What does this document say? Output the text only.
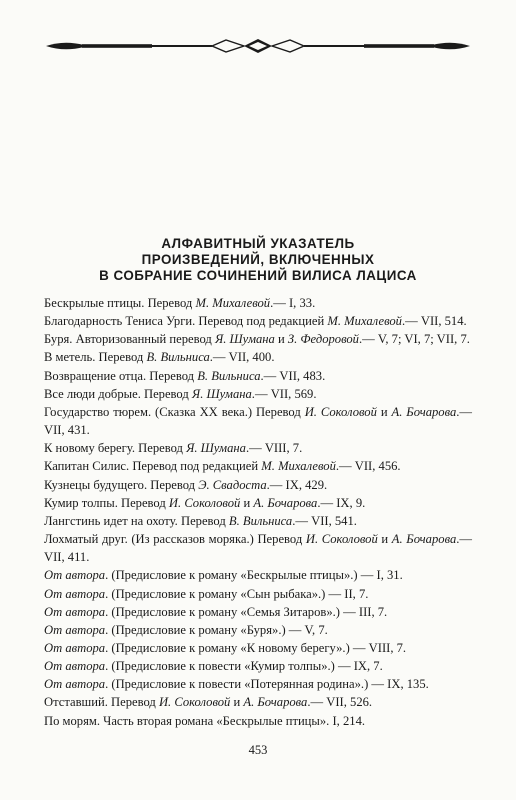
АЛФАВИТНЫЙ УКАЗАТЕЛЬ
ПРОИЗВЕДЕНИЙ, ВКЛЮЧЕННЫХ
В СОБРАНИЕ СОЧИНЕНИЙ ВИЛИСА ЛАЦИСА
Бескрылые птицы. Перевод М. Михалевой.— I, 33.
Благодарность Тениса Урги. Перевод под редакцией М. Михалевой.— VII, 514.
Буря. Авторизованный перевод Я. Шумана и З. Федоровой.— V, 7; VI, 7; VII, 7.
В метель. Перевод В. Вильниса.— VII, 400.
Возвращение отца. Перевод В. Вильниса.— VII, 483.
Все люди добрые. Перевод Я. Шумана.— VII, 569.
Государство тюрем. (Сказка XX века.) Перевод И. Соколовой и А. Бочарова.— VII, 431.
К новому берегу. Перевод Я. Шумана.— VIII, 7.
Капитан Силис. Перевод под редакцией М. Михалевой.— VII, 456.
Кузнецы будущего. Перевод Э. Свадоста.— IX, 429.
Кумир толпы. Перевод И. Соколовой и А. Бочарова.— IX, 9.
Лангстинь идет на охоту. Перевод В. Вильниса.— VII, 541.
Лохматый друг. (Из рассказов моряка.) Перевод И. Соколовой и А. Бочарова.— VII, 411.
От автора. (Предисловие к роману «Бескрылые птицы».) — I, 31.
От автора. (Предисловие к роману «Сын рыбака».) — II, 7.
От автора. (Предисловие к роману «Семья Зитаров».) — III, 7.
От автора. (Предисловие к роману «Буря».) — V, 7.
От автора. (Предисловие к роману «К новому берегу».) — VIII, 7.
От автора. (Предисловие к повести «Кумир толпы».) — IX, 7.
От автора. (Предисловие к повести «Потерянная родина».) — IX, 135.
Отставший. Перевод И. Соколовой и А. Бочарова.— VII, 526.
По морям. Часть вторая романа «Бескрылые птицы». I, 214.
453
